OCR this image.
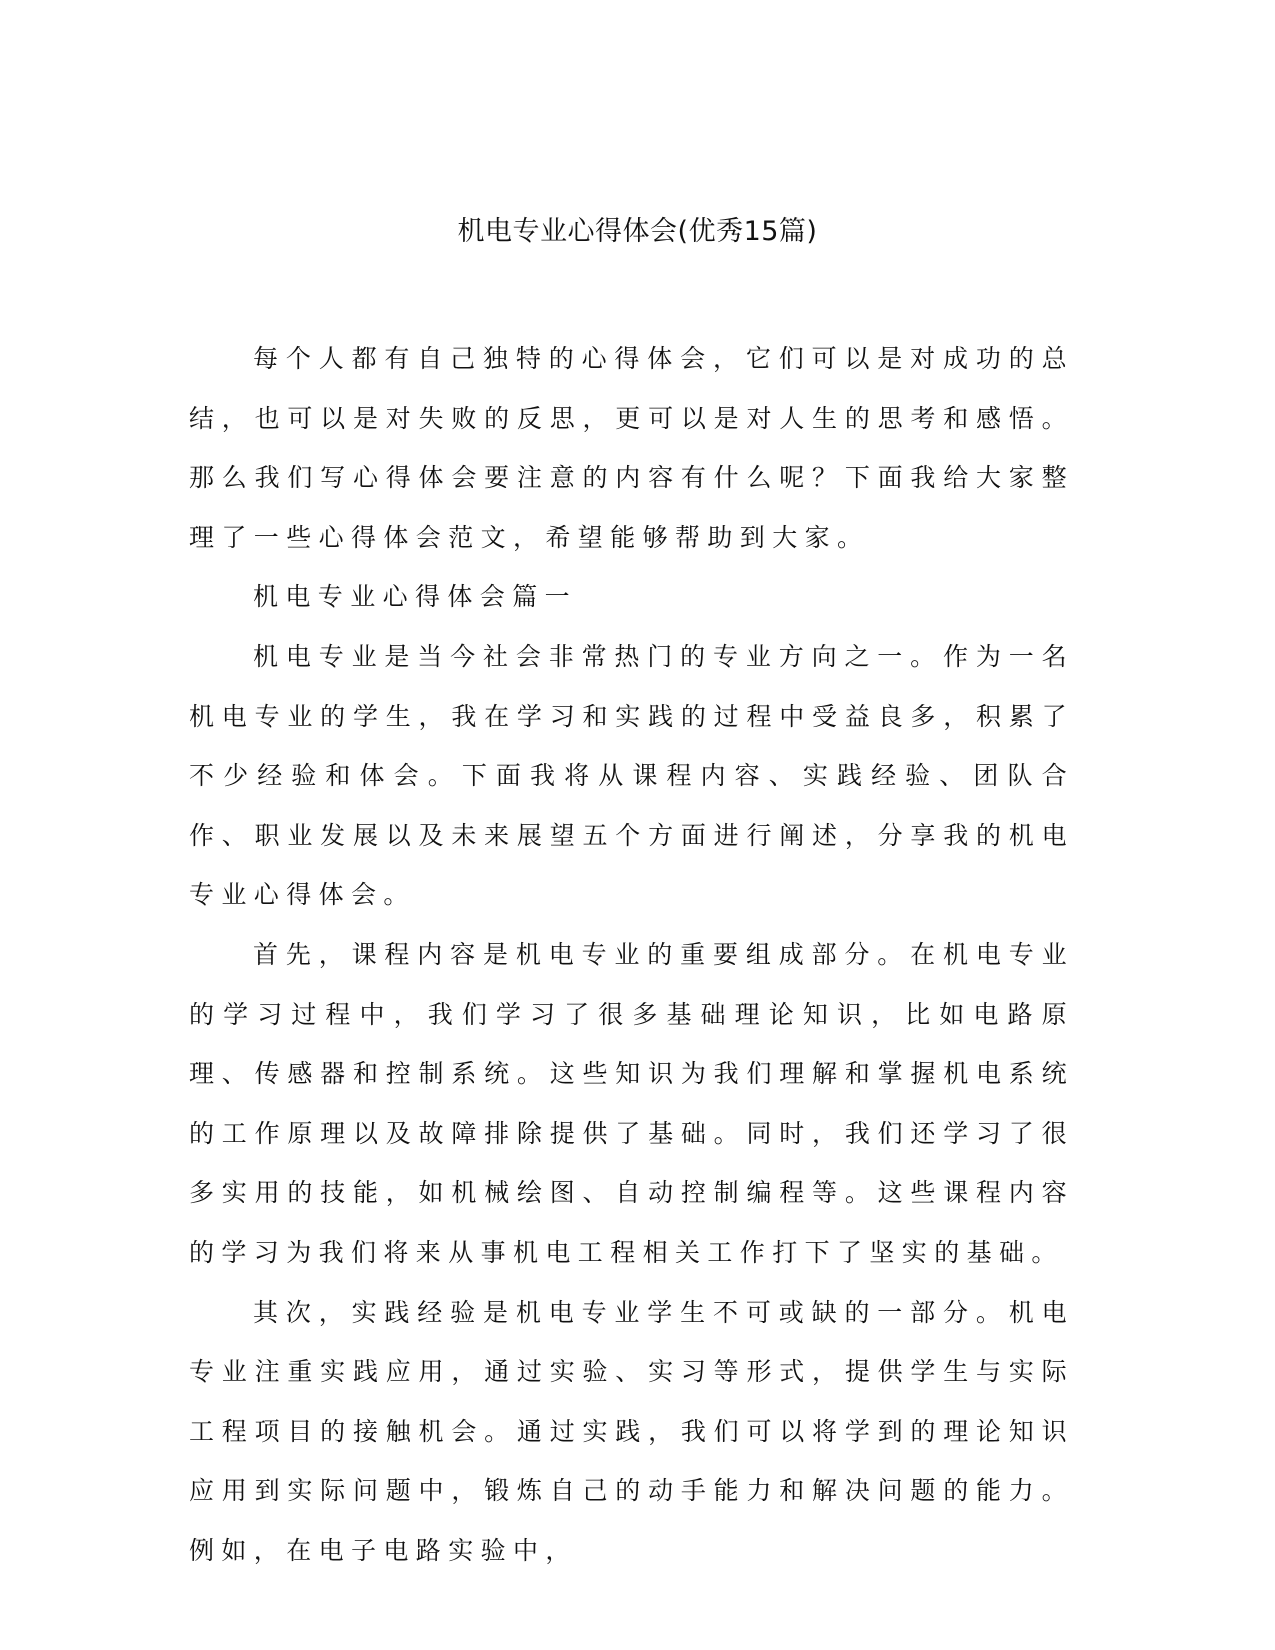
机电专业心得体会(优秀15篇)

每个人都有自己独特的心得体会，它们可以是对成功的总结，也可以是对失败的反思，更可以是对人生的思考和感悟。那么我们写心得体会要注意的内容有什么呢？下面我给大家整理了一些心得体会范文，希望能够帮助到大家。

机电专业心得体会篇一

机电专业是当今社会非常热门的专业方向之一。作为一名机电专业的学生，我在学习和实践的过程中受益良多，积累了不少经验和体会。下面我将从课程内容、实践经验、团队合作、职业发展以及未来展望五个方面进行阐述，分享我的机电专业心得体会。

首先，课程内容是机电专业的重要组成部分。在机电专业的学习过程中，我们学习了很多基础理论知识，比如电路原理、传感器和控制系统。这些知识为我们理解和掌握机电系统的工作原理以及故障排除提供了基础。同时，我们还学习了很多实用的技能，如机械绘图、自动控制编程等。这些课程内容的学习为我们将来从事机电工程相关工作打下了坚实的基础。

其次，实践经验是机电专业学生不可或缺的一部分。机电专业注重实践应用，通过实验、实习等形式，提供学生与实际工程项目的接触机会。通过实践，我们可以将学到的理论知识应用到实际问题中，锻炼自己的动手能力和解决问题的能力。例如，在电子电路实验中，
